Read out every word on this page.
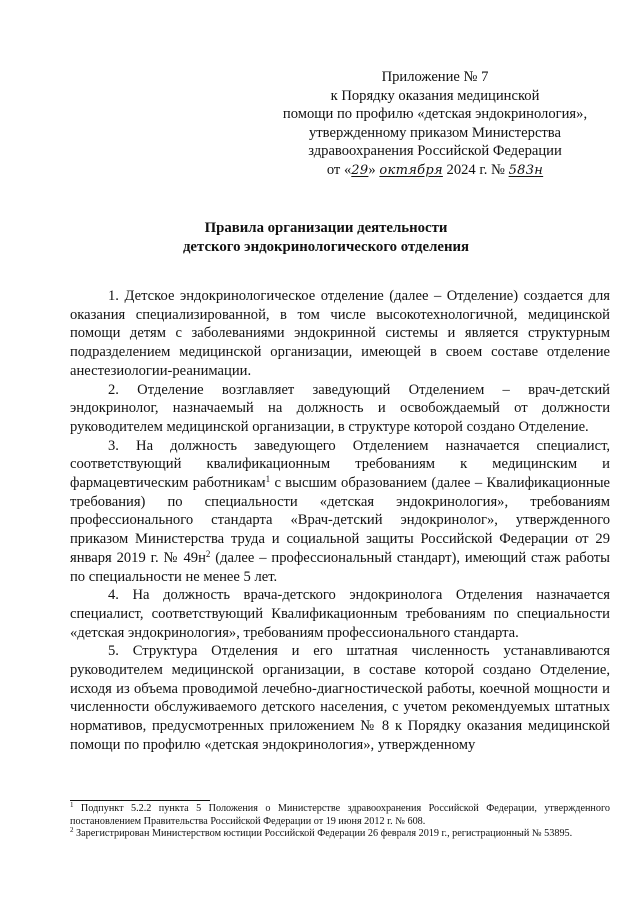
Приложение № 7
к Порядку оказания медицинской
помощи по профилю «детская эндокринология»,
утвержденному приказом Министерства
здравоохранения Российской Федерации
от «29» октября 2024 г. № 583н
Правила организации деятельности
детского эндокринологического отделения

1. Детское эндокринологическое отделение (далее – Отделение) создается для оказания специализированной, в том числе высокотехнологичной, медицинской помощи детям с заболеваниями эндокринной системы и является структурным подразделением медицинской организации, имеющей в своем составе отделение анестезиологии-реанимации.

2. Отделение возглавляет заведующий Отделением – врач-детский эндокринолог, назначаемый на должность и освобождаемый от должности руководителем медицинской организации, в структуре которой создано Отделение.

3. На должность заведующего Отделением назначается специалист, соответствующий квалификационным требованиям к медицинским и фармацевтическим работникам$^1$ с высшим образованием (далее – Квалификационные требования) по специальности «детская эндокринология», требованиям профессионального стандарта «Врач-детский эндокринолог», утвержденного приказом Министерства труда и социальной защиты Российской Федерации от 29 января 2019 г. № $49н^2$ (далее – профессиональный стандарт), имеющий стаж работы по специальности не менее 5 лет.

4. На должность врача-детского эндокринолога Отделения назначается специалист, соответствующий Квалификационным требованиям по специальности «детская эндокринология», требованиям профессионального стандарта.

5. Структура Отделения и его штатная численность устанавливаются руководителем медицинской организации, в составе которой создано Отделение, исходя из объема проводимой лечебно-диагностической работы, коечной мощности и численности обслуживаемого детского населения, с учетом рекомендуемых штатных нормативов, предусмотренных приложением № 8 к Порядку оказания медицинской помощи по профилю «детская эндокринология», утвержденному

$^1$ Подпункт 5.2.2 пункта 5 Положения о Министерстве здравоохранения Российской Федерации, утвержденного постановлением Правительства Российской Федерации от 19 июня 2012 г. № 608.

$^2$ Зарегистрирован Министерством юстиции Российской Федерации 26 февраля 2019 г., регистрационный № 53895.
